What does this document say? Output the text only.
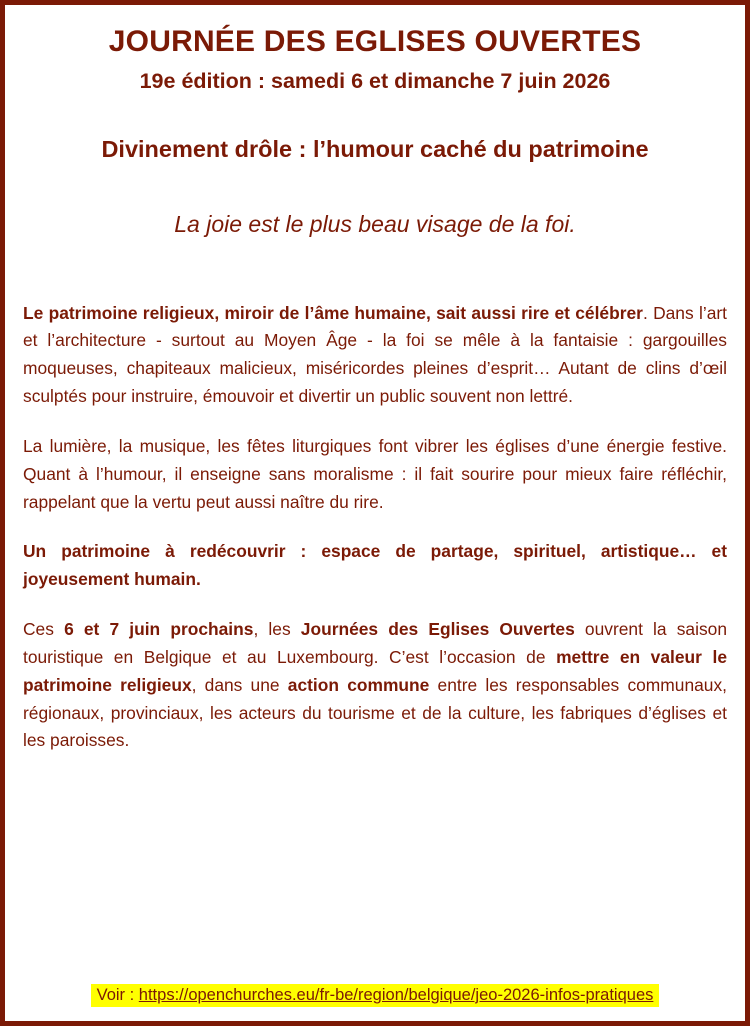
JOURNÉE DES EGLISES OUVERTES
19e édition : samedi 6 et dimanche 7 juin 2026
Divinement drôle : l’humour caché du patrimoine
La joie est le plus beau visage de la foi.

Le patrimoine religieux, miroir de l’âme humaine, sait aussi rire et célébrer. Dans l’art et l’architecture - surtout au Moyen Âge - la foi se mêle à la fantaisie : gargouilles moqueuses, chapiteaux malicieux, miséricordes pleines d’esprit… Autant de clins d’œil sculptés pour instruire, émouvoir et divertir un public souvent non lettré.

La lumière, la musique, les fêtes liturgiques font vibrer les églises d’une énergie festive. Quant à l’humour, il enseigne sans moralisme : il fait sourire pour mieux faire réfléchir, rappelant que la vertu peut aussi naître du rire.

Un patrimoine à redécouvrir : espace de partage, spirituel, artistique… et joyeusement humain.

Ces 6 et 7 juin prochains, les Journées des Eglises Ouvertes ouvrent la saison touristique en Belgique et au Luxembourg. C’est l’occasion de mettre en valeur le patrimoine religieux, dans une action commune entre les responsables communaux, régionaux, provinciaux, les acteurs du tourisme et de la culture, les fabriques d’églises et les paroisses.

Voir : https://openchurches.eu/fr-be/region/belgique/jeo-2026-infos-pratiques
